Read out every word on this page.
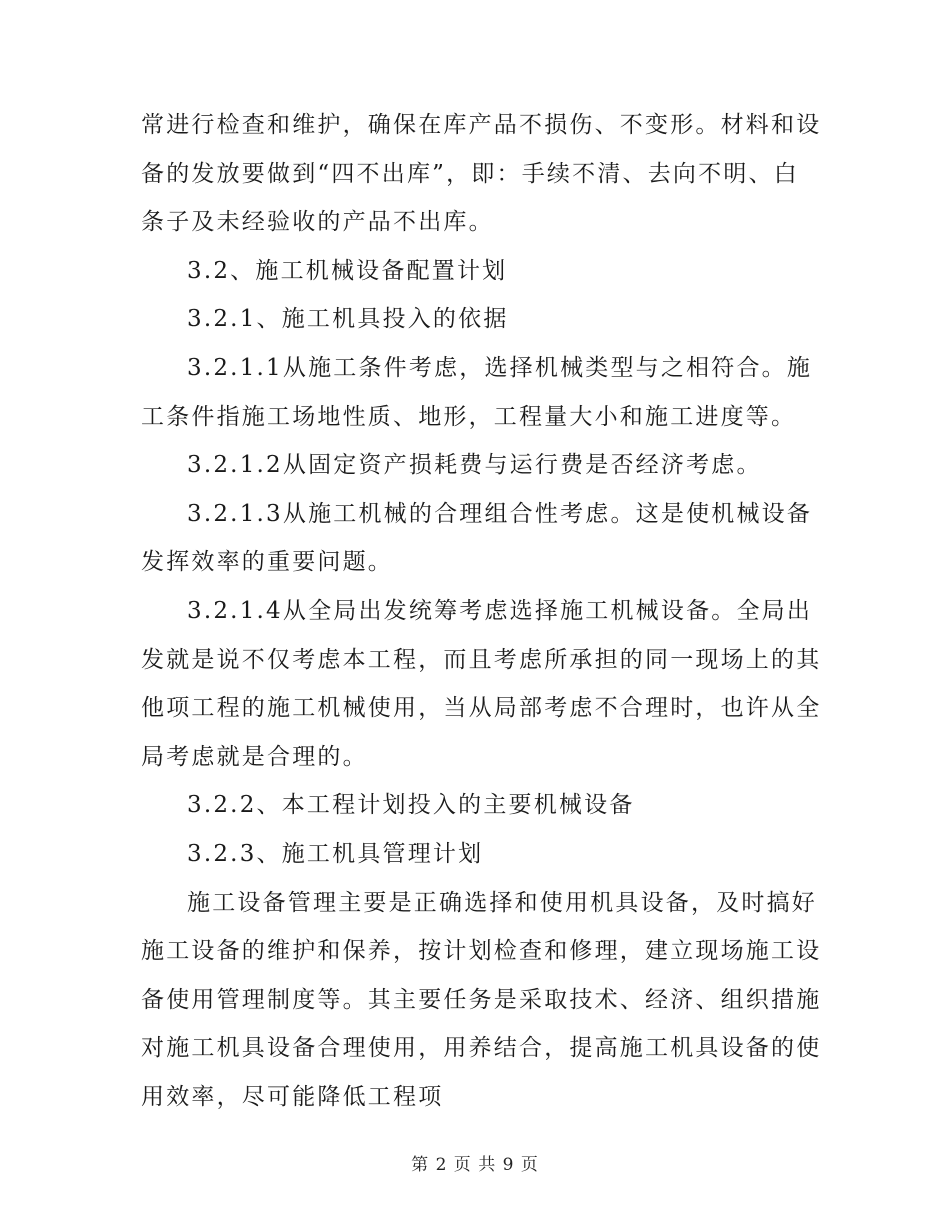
常进行检查和维护，确保在库产品不损伤、不变形。材料和设
备的发放要做到“四不出库”，即：手续不清、去向不明、白
条子及未经验收的产品不出库。
3.2、施工机械设备配置计划
3.2.1、施工机具投入的依据
3.2.1.1从施工条件考虑，选择机械类型与之相符合。施
工条件指施工场地性质、地形，工程量大小和施工进度等。
3.2.1.2从固定资产损耗费与运行费是否经济考虑。
3.2.1.3从施工机械的合理组合性考虑。这是使机械设备
发挥效率的重要问题。
3.2.1.4从全局出发统筹考虑选择施工机械设备。全局出
发就是说不仅考虑本工程，而且考虑所承担的同一现场上的其
他项工程的施工机械使用，当从局部考虑不合理时，也许从全
局考虑就是合理的。
3.2.2、本工程计划投入的主要机械设备
3.2.3、施工机具管理计划
施工设备管理主要是正确选择和使用机具设备，及时搞好
施工设备的维护和保养，按计划检查和修理，建立现场施工设
备使用管理制度等。其主要任务是采取技术、经济、组织措施
对施工机具设备合理使用，用养结合，提高施工机具设备的使
用效率，尽可能降低工程项
第 2 页 共 9 页
